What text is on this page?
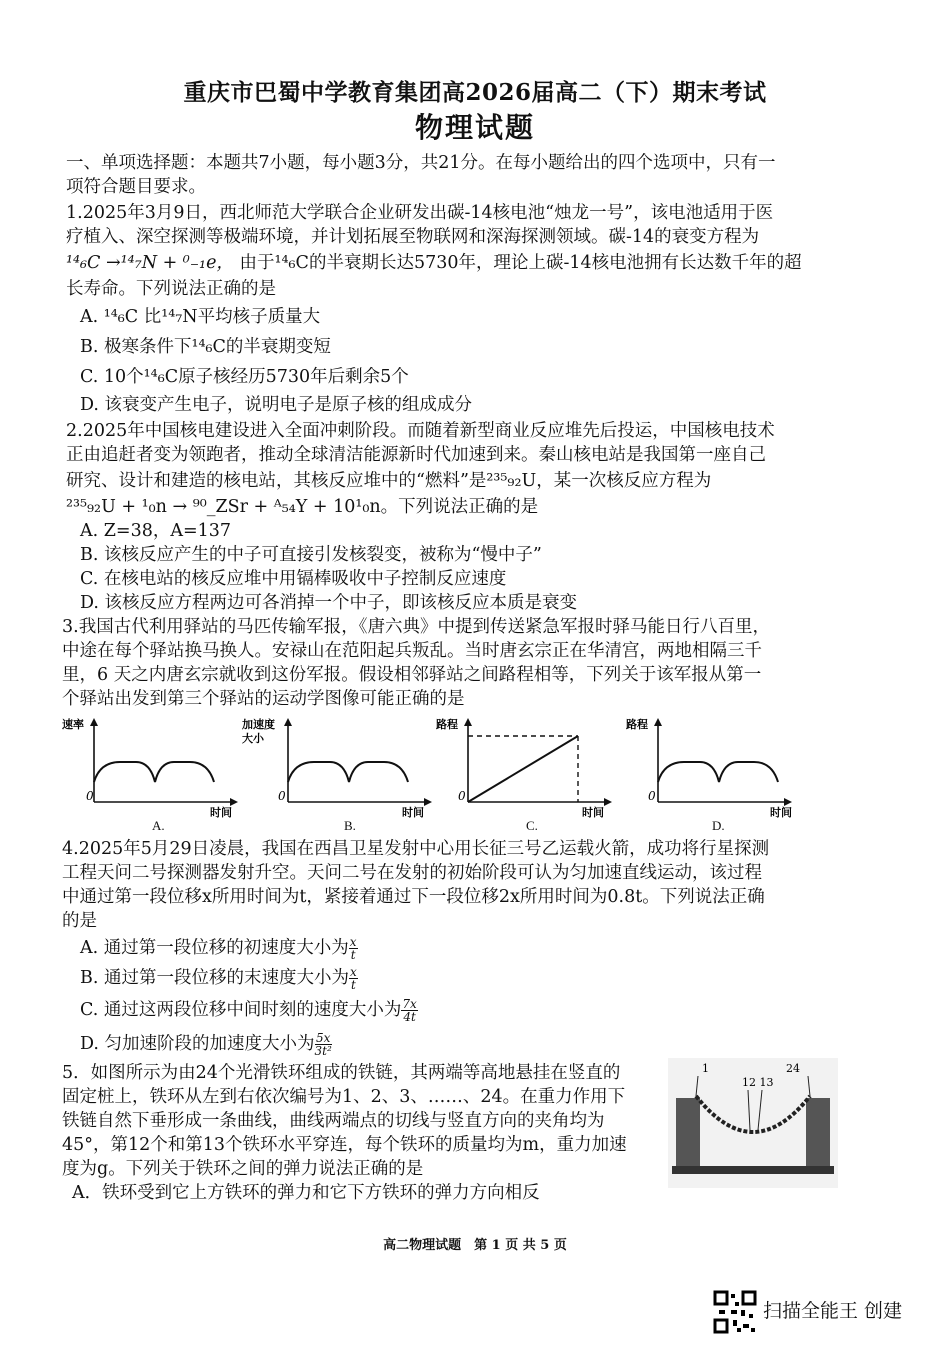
重庆市巴蜀中学教育集团高2026届高二（下）期末考试
物理试题
一、单项选择题：本题共7小题，每小题3分，共21分。在每小题给出的四个选项中，只有一
项符合题目要求。
1.2025年3月9日，西北师范大学联合企业研发出碳-14核电池“烛龙一号”，该电池适用于医
疗植入、深空探测等极端环境，并计划拓展至物联网和深海探测领域。碳-14的衰变方程为
¹⁴₆C →¹⁴₇N + ⁰₋₁e， 由于¹⁴₆C的半衰期长达5730年，理论上碳-14核电池拥有长达数千年的超
长寿命。下列说法正确的是
A. ¹⁴₆C 比¹⁴₇N平均核子质量大
B. 极寒条件下¹⁴₆C的半衰期变短
C. 10个¹⁴₆C原子核经历5730年后剩余5个
D. 该衰变产生电子，说明电子是原子核的组成成分
2.2025年中国核电建设进入全面冲刺阶段。而随着新型商业反应堆先后投运，中国核电技术
正由追赶者变为领跑者，推动全球清洁能源新时代加速到来。秦山核电站是我国第一座自己
研究、设计和建造的核电站，其核反应堆中的“燃料”是²³⁵₉₂U，某一次核反应方程为
²³⁵₉₂U + ¹₀n → ⁹⁰_ZSr + ᴬ₅₄Y + 10¹₀n。下列说法正确的是
A. Z=38，A=137
B. 该核反应产生的中子可直接引发核裂变，被称为“慢中子”
C. 在核电站的核反应堆中用镉棒吸收中子控制反应速度
D. 该核反应方程两边可各消掉一个中子，即该核反应本质是衰变
3.我国古代利用驿站的马匹传输军报，《唐六典》中提到传送紧急军报时驿马能日行八百里，
中途在每个驿站换马换人。安禄山在范阳起兵叛乱。当时唐玄宗正在华清宫，两地相隔三千
里，6 天之内唐玄宗就收到这份军报。假设相邻驿站之间路程相等，下列关于该军报从第一
个驿站出发到第三个驿站的运动学图像可能正确的是
速率
0
时间
加速度
大小
0
时间
路程
0
时间
路程
0
时间
A.	B.	C.	D.
4.2025年5月29日凌晨，我国在西昌卫星发射中心用长征三号乙运载火箭，成功将行星探测
工程天问二号探测器发射升空。天问二号在发射的初始阶段可认为匀加速直线运动，该过程
中通过第一段位移x所用时间为t，紧接着通过下一段位移2x所用时间为0.8t。下列说法正确
的是
A. 通过第一段位移的初速度大小为 $\frac{x}{t}$
B. 通过第一段位移的末速度大小为 $\frac{x}{t}$
C. 通过这两段位移中间时刻的速度大小为 $\frac{7x}{4t}$
D. 匀加速阶段的加速度大小为 $\frac{5x}{\text{3t²}}$
5．如图所示为由24个光滑铁环组成的铁链，其两端等高地悬挂在竖直的
固定桩上，铁环从左到右依次编号为1、2、3、……、24。在重力作用下
铁链自然下垂形成一条曲线，曲线两端点的切线与竖直方向的夹角均为
45°，第12个和第13个铁环水平穿连，每个铁环的质量均为m，重力加速
度为g。下列关于铁环之间的弹力说法正确的是
A．铁环受到它上方铁环的弹力和它下方铁环的弹力方向相反
1
12 13
24
高二物理试题　第 1 页 共 5 页
扫描全能王 创建
